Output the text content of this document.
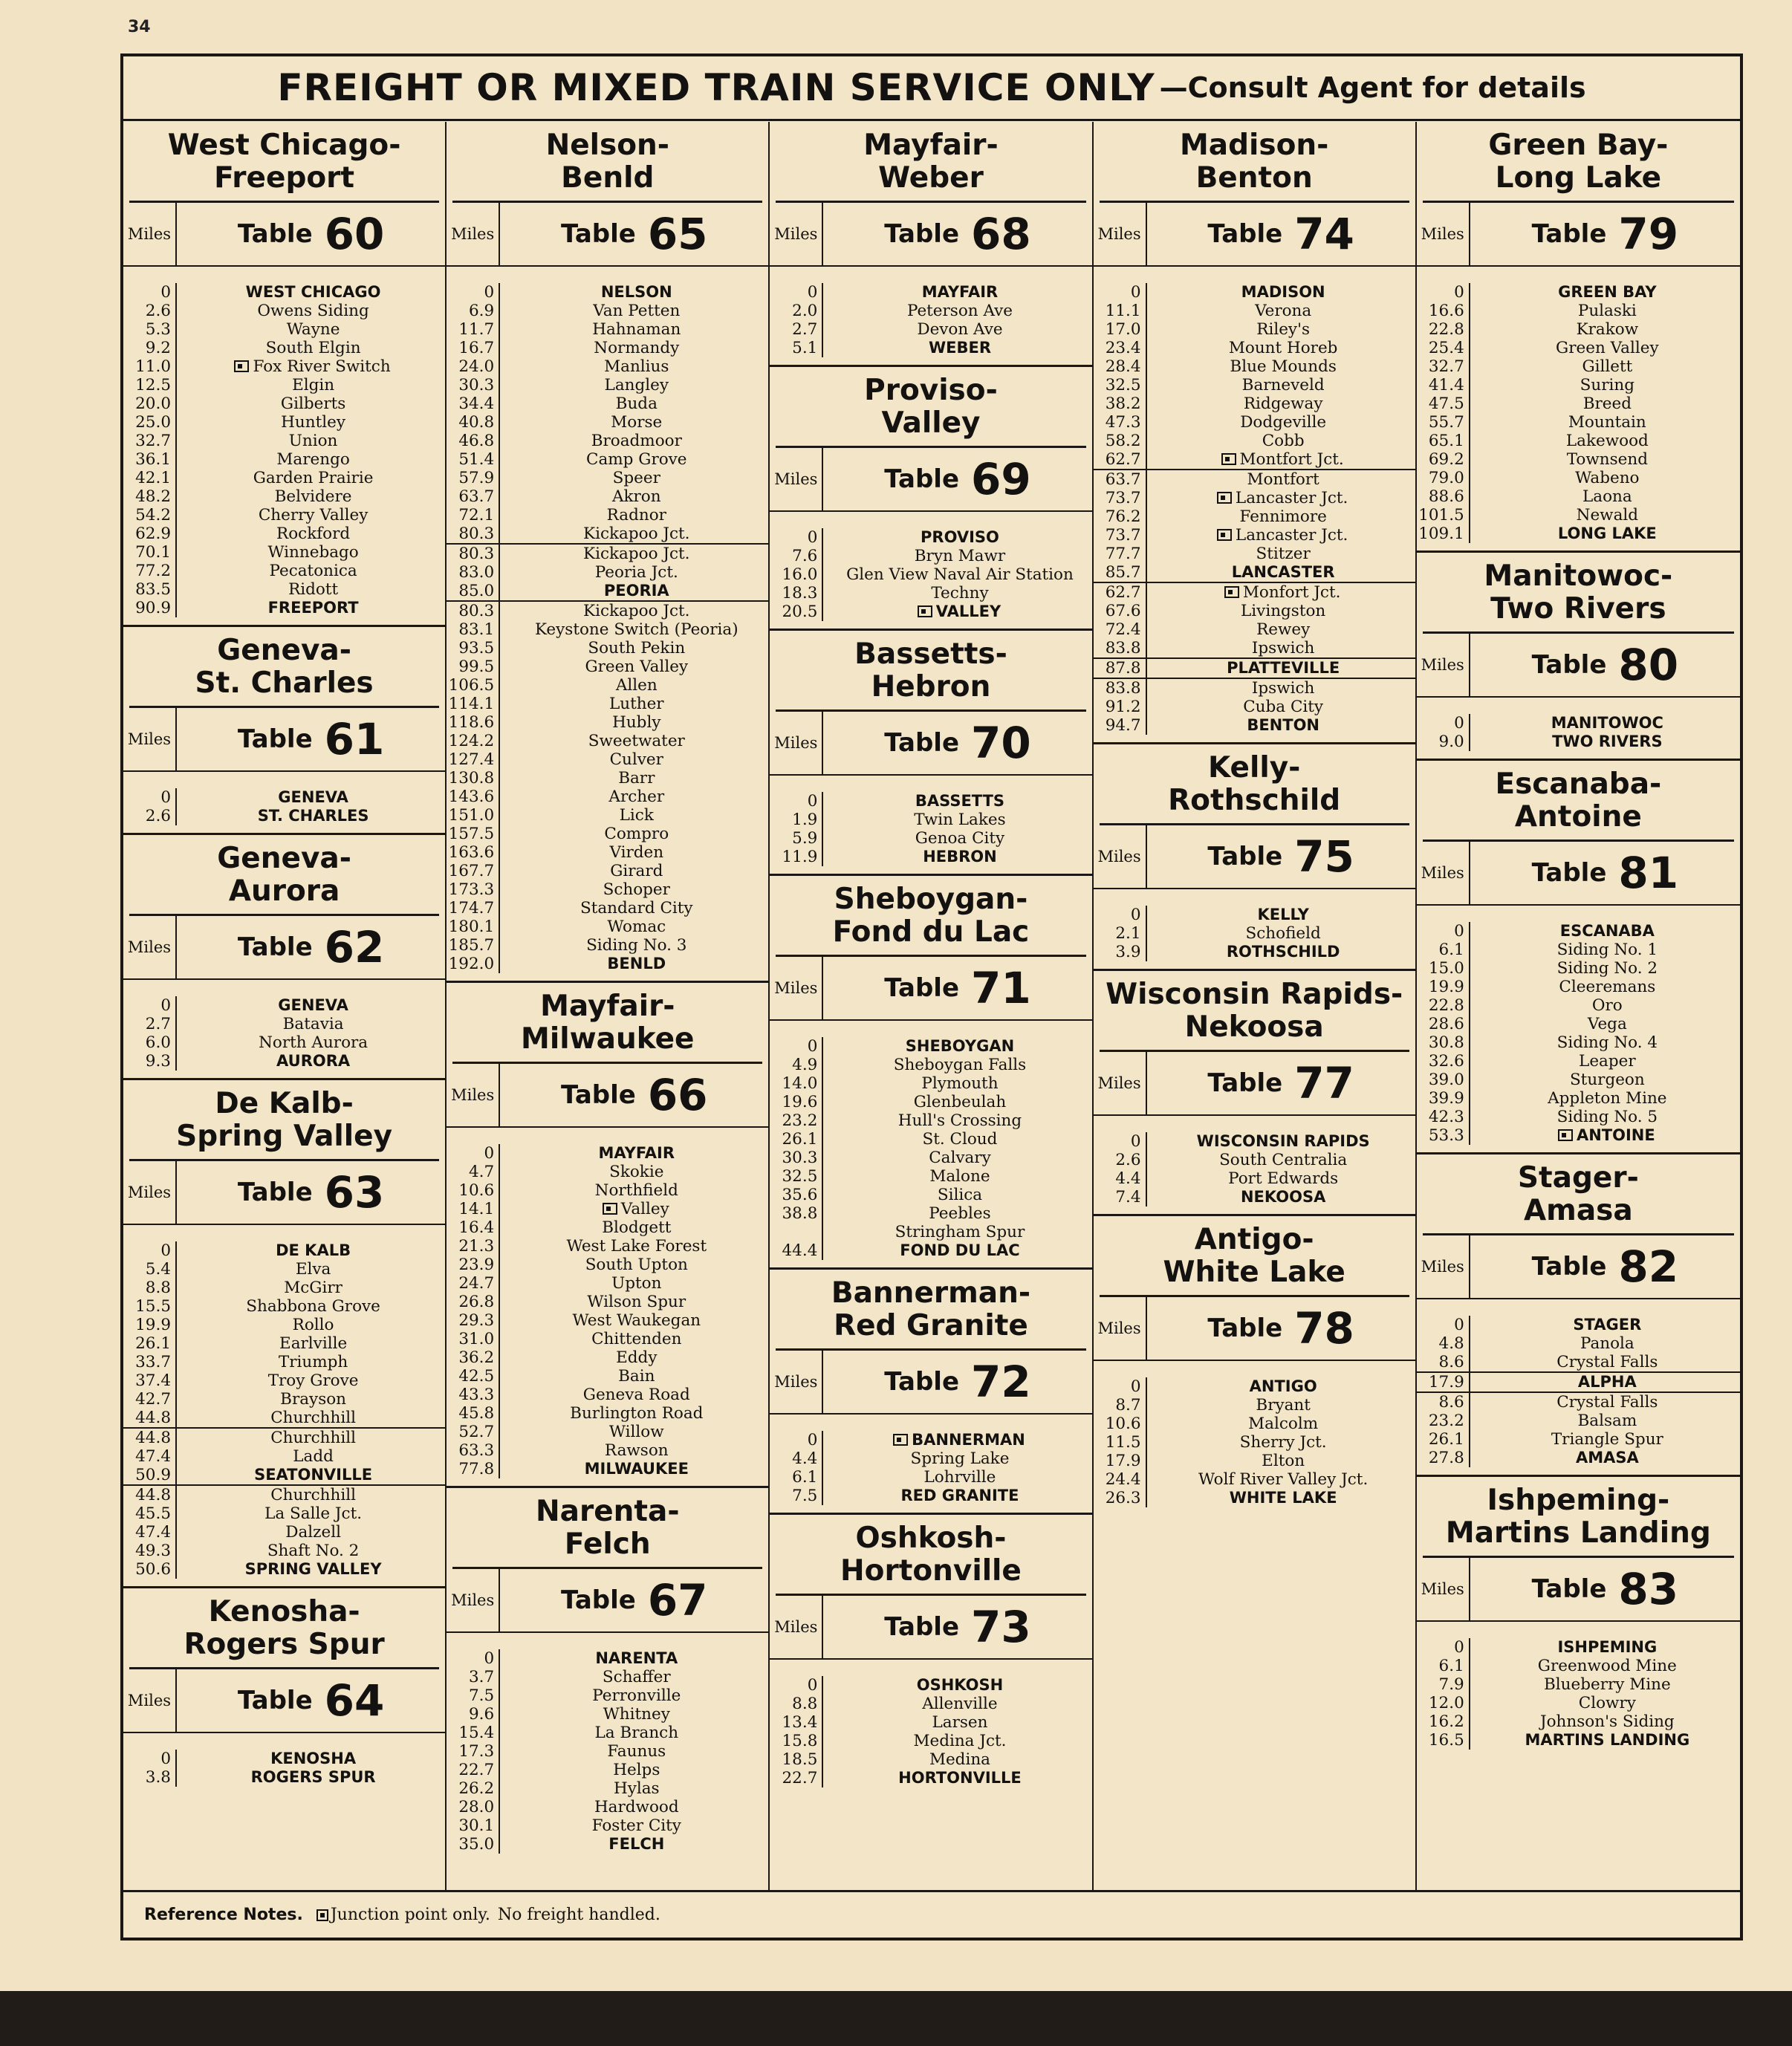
34
FREIGHT OR MIXED TRAIN SERVICE ONLY —Consult Agent for details
West Chicago-
Freeport
Miles	Table 60
0	WEST CHICAGO
2.6	Owens Siding
5.3	Wayne
9.2	South Elgin
11.0	Fox River Switch
12.5	Elgin
20.0	Gilberts
25.0	Huntley
32.7	Union
36.1	Marengo
42.1	Garden Prairie
48.2	Belvidere
54.2	Cherry Valley
62.9	Rockford
70.1	Winnebago
77.2	Pecatonica
83.5	Ridott
90.9	FREEPORT
Geneva-
St. Charles
Miles	Table 61
0	GENEVA
2.6	ST. CHARLES
Geneva-
Aurora
Miles	Table 62
0	GENEVA
2.7	Batavia
6.0	North Aurora
9.3	AURORA
De Kalb-
Spring Valley
Miles	Table 63
0	DE KALB
5.4	Elva
8.8	McGirr
15.5	Shabbona Grove
19.9	Rollo
26.1	Earlville
33.7	Triumph
37.4	Troy Grove
42.7	Brayson
44.8	Churchhill
44.8	Churchhill
47.4	Ladd
50.9	SEATONVILLE
44.8	Churchhill
45.5	La Salle Jct.
47.4	Dalzell
49.3	Shaft No. 2
50.6	SPRING VALLEY
Kenosha-
Rogers Spur
Miles	Table 64
0	KENOSHA
3.8	ROGERS SPUR
Nelson-
Benld
Miles	Table 65
0	NELSON
6.9	Van Petten
11.7	Hahnaman
16.7	Normandy
24.0	Manlius
30.3	Langley
34.4	Buda
40.8	Morse
46.8	Broadmoor
51.4	Camp Grove
57.9	Speer
63.7	Akron
72.1	Radnor
80.3	Kickapoo Jct.
80.3	Kickapoo Jct.
83.0	Peoria Jct.
85.0	PEORIA
80.3	Kickapoo Jct.
83.1	Keystone Switch (Peoria)
93.5	South Pekin
99.5	Green Valley
106.5	Allen
114.1	Luther
118.6	Hubly
124.2	Sweetwater
127.4	Culver
130.8	Barr
143.6	Archer
151.0	Lick
157.5	Compro
163.6	Virden
167.7	Girard
173.3	Schoper
174.7	Standard City
180.1	Womac
185.7	Siding No. 3
192.0	BENLD
Mayfair-
Milwaukee
Miles	Table 66
0	MAYFAIR
4.7	Skokie
10.6	Northfield
14.1	Valley
16.4	Blodgett
21.3	West Lake Forest
23.9	South Upton
24.7	Upton
26.8	Wilson Spur
29.3	West Waukegan
31.0	Chittenden
36.2	Eddy
42.5	Bain
43.3	Geneva Road
45.8	Burlington Road
52.7	Willow
63.3	Rawson
77.8	MILWAUKEE
Narenta-
Felch
Miles	Table 67
0	NARENTA
3.7	Schaffer
7.5	Perronville
9.6	Whitney
15.4	La Branch
17.3	Faunus
22.7	Helps
26.2	Hylas
28.0	Hardwood
30.1	Foster City
35.0	FELCH
Mayfair-
Weber
Miles	Table 68
0	MAYFAIR
2.0	Peterson Ave
2.7	Devon Ave
5.1	WEBER
Proviso-
Valley
Miles	Table 69
0	PROVISO
7.6	Bryn Mawr
16.0	Glen View Naval Air Station
18.3	Techny
20.5	VALLEY
Bassetts-
Hebron
Miles	Table 70
0	BASSETTS
1.9	Twin Lakes
5.9	Genoa City
11.9	HEBRON
Sheboygan-
Fond du Lac
Miles	Table 71
0	SHEBOYGAN
4.9	Sheboygan Falls
14.0	Plymouth
19.6	Glenbeulah
23.2	Hull's Crossing
26.1	St. Cloud
30.3	Calvary
32.5	Malone
35.6	Silica
38.8	Peebles
Stringham Spur
44.4	FOND DU LAC
Bannerman-
Red Granite
Miles	Table 72
0	BANNERMAN
4.4	Spring Lake
6.1	Lohrville
7.5	RED GRANITE
Oshkosh-
Hortonville
Miles	Table 73
0	OSHKOSH
8.8	Allenville
13.4	Larsen
15.8	Medina Jct.
18.5	Medina
22.7	HORTONVILLE
Madison-
Benton
Miles	Table 74
0	MADISON
11.1	Verona
17.0	Riley's
23.4	Mount Horeb
28.4	Blue Mounds
32.5	Barneveld
38.2	Ridgeway
47.3	Dodgeville
58.2	Cobb
62.7	Montfort Jct.
63.7	Montfort
73.7	Lancaster Jct.
76.2	Fennimore
73.7	Lancaster Jct.
77.7	Stitzer
85.7	LANCASTER
62.7	Monfort Jct.
67.6	Livingston
72.4	Rewey
83.8	Ipswich
87.8	PLATTEVILLE
83.8	Ipswich
91.2	Cuba City
94.7	BENTON
Kelly-
Rothschild
Miles	Table 75
0	KELLY
2.1	Schofield
3.9	ROTHSCHILD
Wisconsin Rapids-
Nekoosa
Miles	Table 77
0	WISCONSIN RAPIDS
2.6	South Centralia
4.4	Port Edwards
7.4	NEKOOSA
Antigo-
White Lake
Miles	Table 78
0	ANTIGO
8.7	Bryant
10.6	Malcolm
11.5	Sherry Jct.
17.9	Elton
24.4	Wolf River Valley Jct.
26.3	WHITE LAKE
Green Bay-
Long Lake
Miles	Table 79
0	GREEN BAY
16.6	Pulaski
22.8	Krakow
25.4	Green Valley
32.7	Gillett
41.4	Suring
47.5	Breed
55.7	Mountain
65.1	Lakewood
69.2	Townsend
79.0	Wabeno
88.6	Laona
101.5	Newald
109.1	LONG LAKE
Manitowoc-
Two Rivers
Miles	Table 80
0	MANITOWOC
9.0	TWO RIVERS
Escanaba-
Antoine
Miles	Table 81
0	ESCANABA
6.1	Siding No. 1
15.0	Siding No. 2
19.9	Cleeremans
22.8	Oro
28.6	Vega
30.8	Siding No. 4
32.6	Leaper
39.0	Sturgeon
39.9	Appleton Mine
42.3	Siding No. 5
53.3	ANTOINE
Stager-
Amasa
Miles	Table 82
0	STAGER
4.8	Panola
8.6	Crystal Falls
17.9	ALPHA
8.6	Crystal Falls
23.2	Balsam
26.1	Triangle Spur
27.8	AMASA
Ishpeming-
Martins Landing
Miles	Table 83
0	ISHPEMING
6.1	Greenwood Mine
7.9	Blueberry Mine
12.0	Clowry
16.2	Johnson's Siding
16.5	MARTINS LANDING
Reference Notes. Junction point only. No freight handled.
